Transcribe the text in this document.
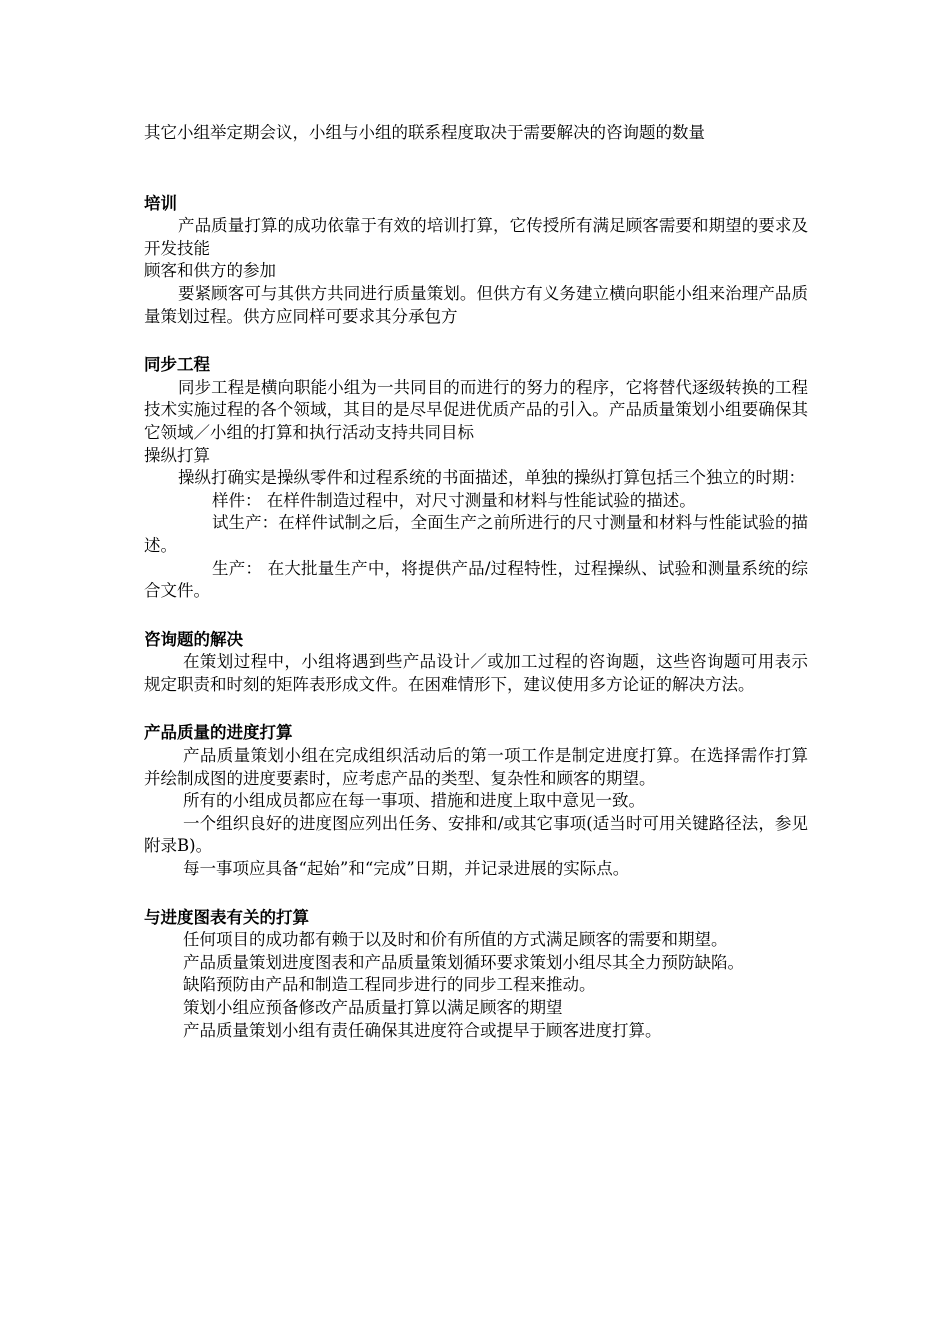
其它小组举定期会议，小组与小组的联系程度取决于需要解决的咨询题的数量

培训

产品质量打算的成功依靠于有效的培训打算，它传授所有满足顾客需要和期望的要求及开发技能

顾客和供方的参加

要紧顾客可与其供方共同进行质量策划。但供方有义务建立横向职能小组来治理产品质量策划过程。供方应同样可要求其分承包方

同步工程

同步工程是横向职能小组为一共同目的而进行的努力的程序，它将替代逐级转换的工程技术实施过程的各个领域，其目的是尽早促进优质产品的引入。产品质量策划小组要确保其它领域／小组的打算和执行活动支持共同目标

操纵打算

操纵打确实是操纵零件和过程系统的书面描述，单独的操纵打算包括三个独立的时期：

样件： 在样件制造过程中，对尺寸测量和材料与性能试验的描述。

试生产：在样件试制之后，全面生产之前所进行的尺寸测量和材料与性能试验的描述。

生产： 在大批量生产中，将提供产品/过程特性，过程操纵、试验和测量系统的综合文件。

咨询题的解决

在策划过程中，小组将遇到些产品设计／或加工过程的咨询题，这些咨询题可用表示规定职责和时刻的矩阵表形成文件。在困难情形下，建议使用多方论证的解决方法。

产品质量的进度打算

产品质量策划小组在完成组织活动后的第一项工作是制定进度打算。在选择需作打算并绘制成图的进度要素时，应考虑产品的类型、复杂性和顾客的期望。

所有的小组成员都应在每一事项、措施和进度上取中意见一致。

一个组织良好的进度图应列出任务、安排和/或其它事项(适当时可用关键路径法，参见附录B)。

每一事项应具备“起始”和“完成”日期，并记录进展的实际点。

与进度图表有关的打算

任何项目的成功都有赖于以及时和价有所值的方式满足顾客的需要和期望。

产品质量策划进度图表和产品质量策划循环要求策划小组尽其全力预防缺陷。

缺陷预防由产品和制造工程同步进行的同步工程来推动。

策划小组应预备修改产品质量打算以满足顾客的期望

产品质量策划小组有责任确保其进度符合或提早于顾客进度打算。
